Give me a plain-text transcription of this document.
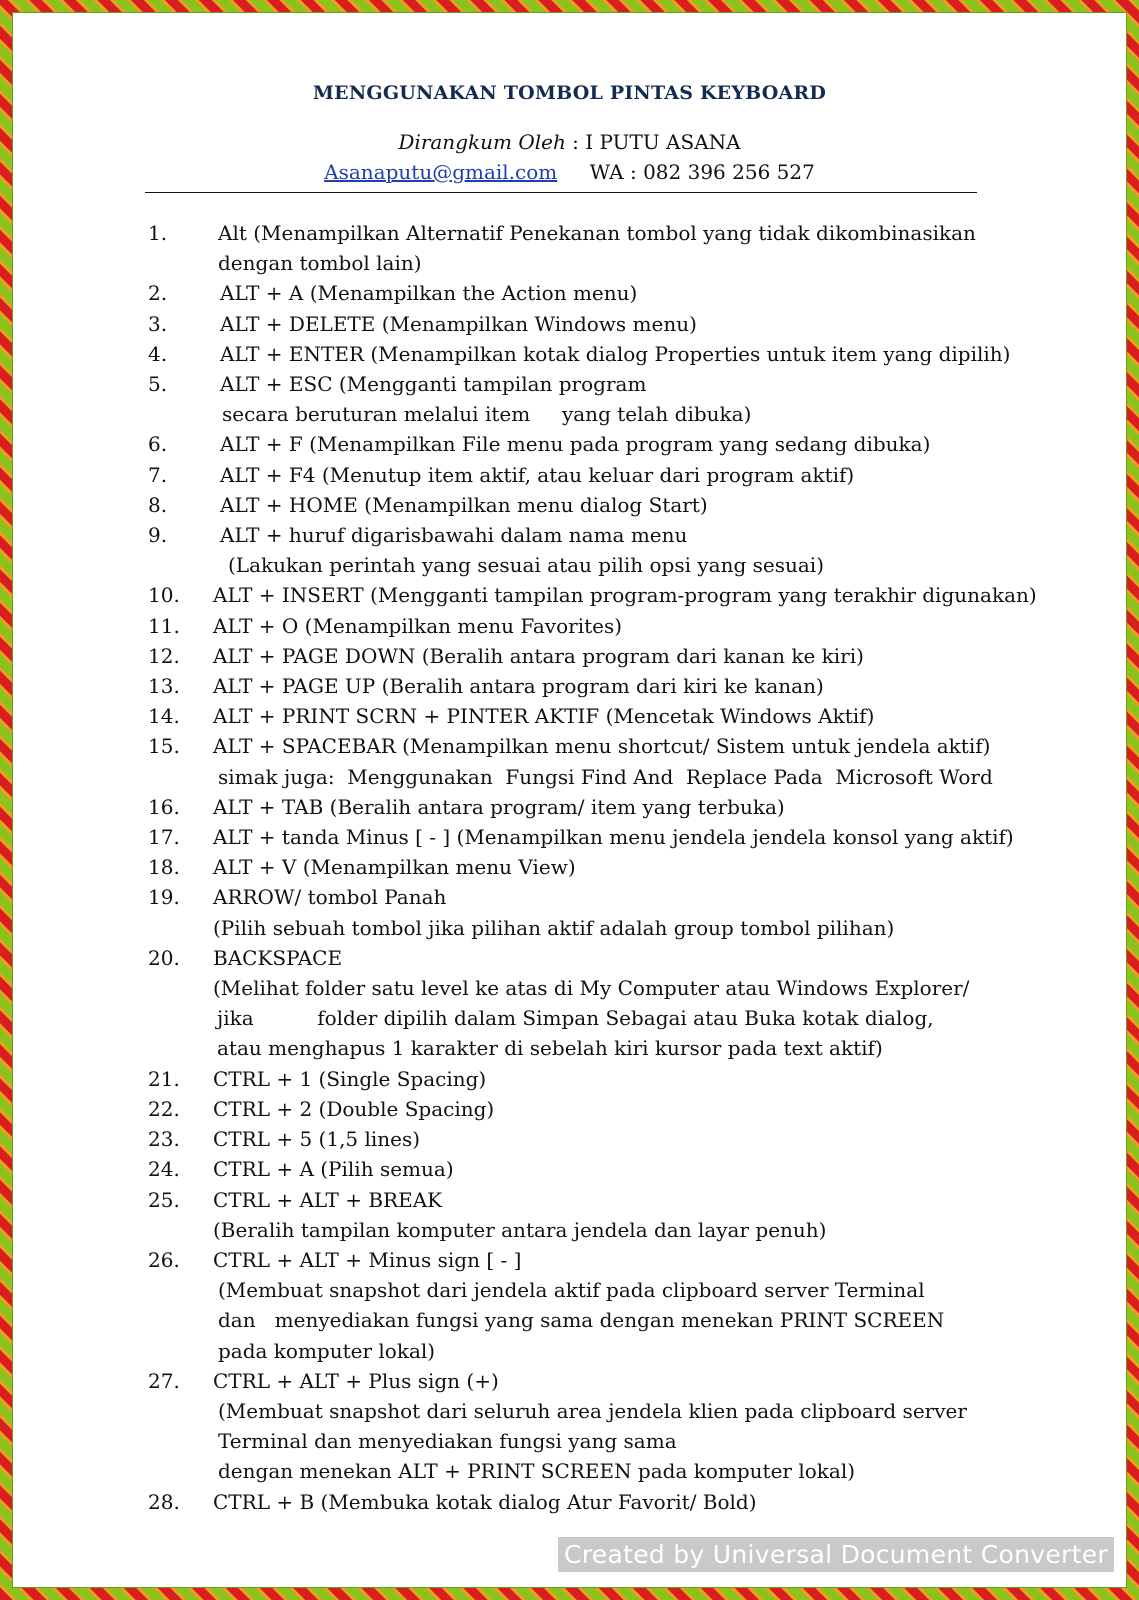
MENGGUNAKAN TOMBOL PINTAS KEYBOARD
Dirangkum Oleh : I PUTU ASANA
Asanaputu@gmail.com WA : 082 396 256 527
1.	Alt (Menampilkan Alternatif Penekanan tombol yang tidak dikombinasikan
dengan tombol lain)
2.	ALT + A (Menampilkan the Action menu)
3.	ALT + DELETE (Menampilkan Windows menu)
4.	ALT + ENTER (Menampilkan kotak dialog Properties untuk item yang dipilih)
5.	ALT + ESC (Mengganti tampilan program
secara beruturan melalui item     yang telah dibuka)
6.	ALT + F (Menampilkan File menu pada program yang sedang dibuka)
7.	ALT + F4 (Menutup item aktif, atau keluar dari program aktif)
8.	ALT + HOME (Menampilkan menu dialog Start)
9.	ALT + huruf digarisbawahi dalam nama menu
(Lakukan perintah yang sesuai atau pilih opsi yang sesuai)
10. ALT + INSERT (Mengganti tampilan program-program yang terakhir digunakan)
11. ALT + O (Menampilkan menu Favorites)
12. ALT + PAGE DOWN (Beralih antara program dari kanan ke kiri)
13. ALT + PAGE UP (Beralih antara program dari kiri ke kanan)
14. ALT + PRINT SCRN + PINTER AKTIF (Mencetak Windows Aktif)
15. ALT + SPACEBAR (Menampilkan menu shortcut/ Sistem untuk jendela aktif)
simak juga:  Menggunakan  Fungsi Find And  Replace Pada  Microsoft Word
16. ALT + TAB (Beralih antara program/ item yang terbuka)
17. ALT + tanda Minus [ - ] (Menampilkan menu jendela jendela konsol yang aktif)
18. ALT + V (Menampilkan menu View)
19. ARROW/ tombol Panah
(Pilih sebuah tombol jika pilihan aktif adalah group tombol pilihan)
20. BACKSPACE
(Melihat folder satu level ke atas di My Computer atau Windows Explorer/
jika          folder dipilih dalam Simpan Sebagai atau Buka kotak dialog,
atau menghapus 1 karakter di sebelah kiri kursor pada text aktif)
21. CTRL + 1 (Single Spacing)
22. CTRL + 2 (Double Spacing)
23. CTRL + 5 (1,5 lines)
24. CTRL + A (Pilih semua)
25. CTRL + ALT + BREAK
(Beralih tampilan komputer antara jendela dan layar penuh)
26. CTRL + ALT + Minus sign [ - ]
(Membuat snapshot dari jendela aktif pada clipboard server Terminal
dan   menyediakan fungsi yang sama dengan menekan PRINT SCREEN
pada komputer lokal)
27. CTRL + ALT + Plus sign (+)
(Membuat snapshot dari seluruh area jendela klien pada clipboard server
Terminal dan menyediakan fungsi yang sama
dengan menekan ALT + PRINT SCREEN pada komputer lokal)
28. CTRL + B (Membuka kotak dialog Atur Favorit/ Bold)
Created by Universal Document Converter
